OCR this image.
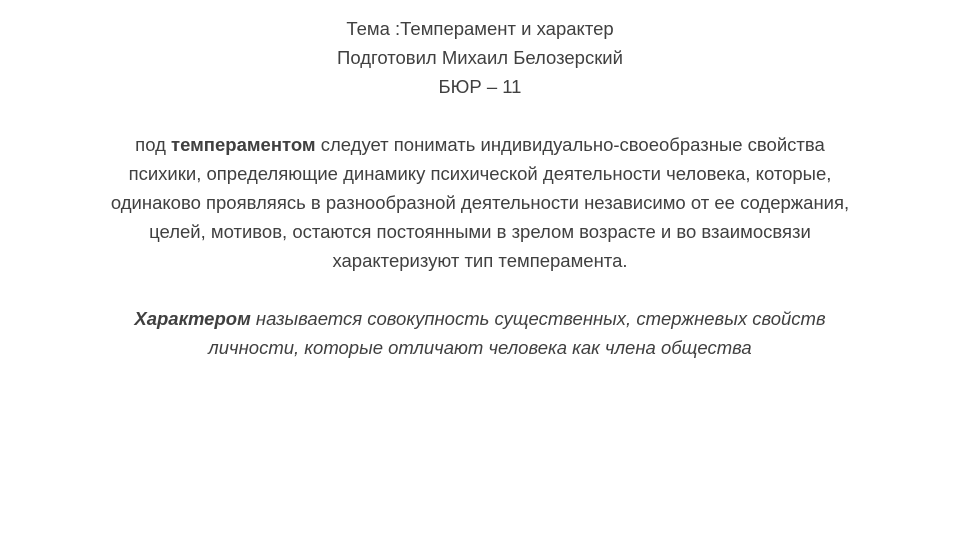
Тема :Темперамент и характер
Подготовил Михаил Белозерский
БЮР – 11

под темпераментом следует понимать индивидуально-своеобразные свойства психики, определяющие динамику психической деятельности человека, которые, одинаково проявляясь в разнообразной деятельности независимо от ее содержания, целей, мотивов, остаются постоянными в зрелом возрасте и во взаимосвязи характеризуют тип темперамента.

Характером называется совокупность существенных, стержневых свойств личности, которые отличают человека как члена общества
